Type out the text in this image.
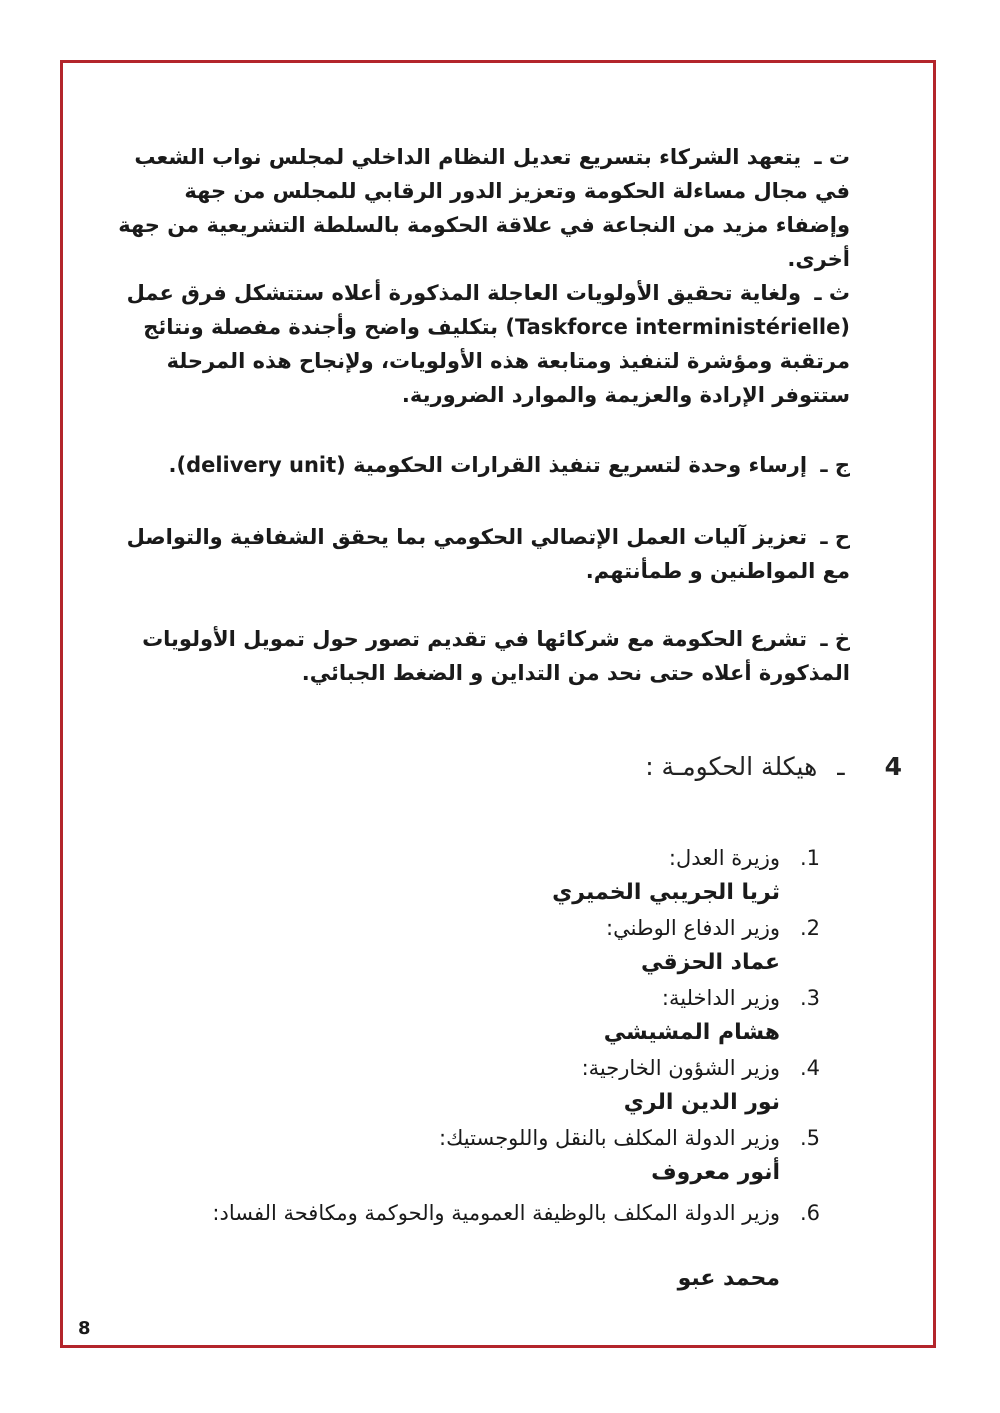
ت ـ يتعهد الشركاء بتسريع تعديل النظام الداخلي لمجلس نواب الشعب في مجال مساءلة الحكومة وتعزيز الدور الرقابي للمجلس من جهة وإضفاء مزيد من النجاعة في علاقة الحكومة بالسلطة التشريعية من جهة أخرى.

ث ـ ولغاية تحقيق الأولويات العاجلة المذكورة أعلاه ستتشكل فرق عمل (Taskforce interministérielle) بتكليف واضح وأجندة مفصلة ونتائج مرتقبة ومؤشرة لتنفيذ ومتابعة هذه الأولويات، ولإنجاح هذه المرحلة ستتوفر الإرادة والعزيمة والموارد الضرورية.

ج ـ إرساء وحدة لتسريع تنفيذ القرارات الحكومية (delivery unit).

ح ـ تعزيز آليات العمل الإتصالي الحكومي بما يحقق الشفافية والتواصل مع المواطنين و طمأنتهم.

خ ـ تشرع الحكومة مع شركائها في تقديم تصور حول تمويل الأولويات المذكورة أعلاه حتى نحد من التداين و الضغط الجبائي.

4
ـ
هيكلة الحكومـة :
1.وزيرة العدل:
ثريا الجريبي الخميري
2.وزير الدفاع الوطني:
عماد الحزقي
3.وزير الداخلية:
هشام المشيشي
4.وزير الشؤون الخارجية:
نور الدين الري
5.وزير الدولة المكلف بالنقل واللوجستيك:
أنور معروف
6.وزير الدولة المكلف بالوظيفة العمومية والحوكمة ومكافحة الفساد:
محمد عبو
8
